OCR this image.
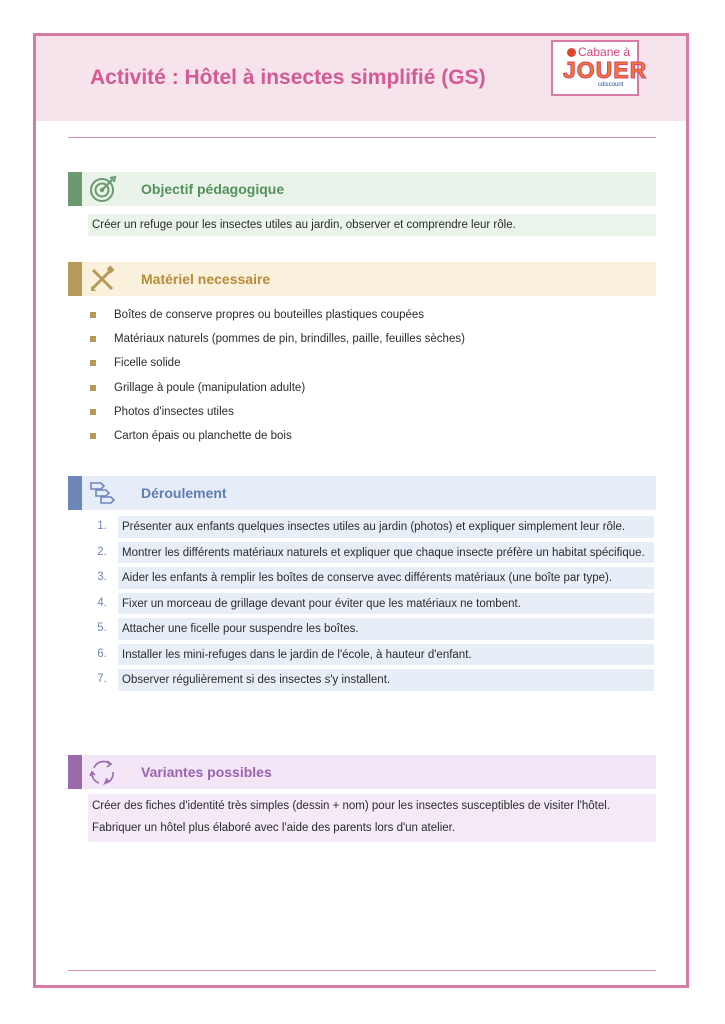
Activité : Hôtel à insectes simplifié (GS)
Cabane à
JOUER
cdiscount
Objectif pédagogique
Créer un refuge pour les insectes utiles au jardin, observer et comprendre leur rôle.
Matériel necessaire
Boîtes de conserve propres ou bouteilles plastiques coupées
Matériaux naturels (pommes de pin, brindilles, paille, feuilles sèches)
Ficelle solide
Grillage à poule (manipulation adulte)
Photos d'insectes utiles
Carton épais ou planchette de bois
Déroulement
1.	Présenter aux enfants quelques insectes utiles au jardin (photos) et expliquer simplement leur rôle.
2.	Montrer les différents matériaux naturels et expliquer que chaque insecte préfère un habitat spécifique.
3.	Aider les enfants à remplir les boîtes de conserve avec différents matériaux (une boîte par type).
4.	Fixer un morceau de grillage devant pour éviter que les matériaux ne tombent.
5.	Attacher une ficelle pour suspendre les boîtes.
6.	Installer les mini-refuges dans le jardin de l'école, à hauteur d'enfant.
7.	Observer régulièrement si des insectes s'y installent.
Variantes possibles
Créer des fiches d'identité très simples (dessin + nom) pour les insectes susceptibles de visiter l'hôtel.
Fabriquer un hôtel plus élaboré avec l'aide des parents lors d'un atelier.
